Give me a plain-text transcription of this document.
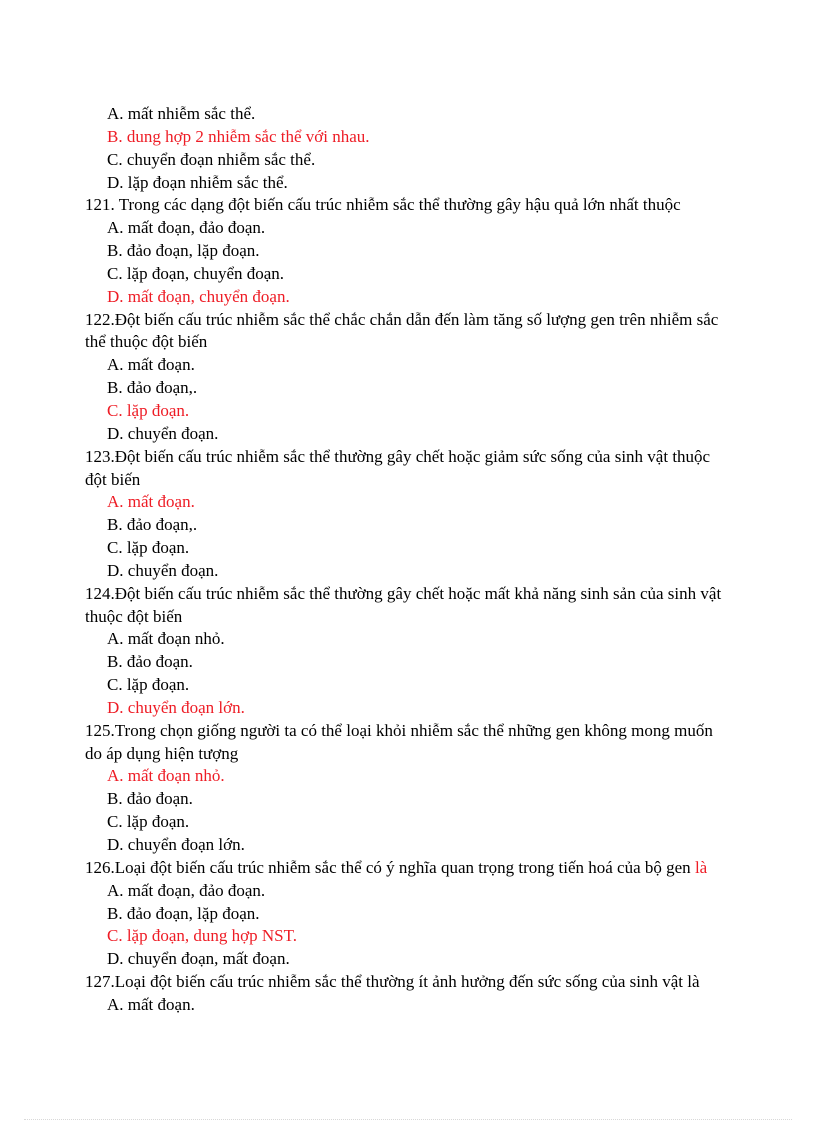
A. mất nhiễm sắc thể.
B. dung hợp 2 nhiễm sắc thể với nhau.
C. chuyển đoạn nhiễm sắc thể.
D. lặp đoạn nhiễm sắc thể.
121. Trong các dạng đột biến cấu trúc nhiễm sắc thể thường gây hậu quả lớn nhất thuộc
A. mất đoạn, đảo đoạn.
B. đảo đoạn, lặp đoạn.
C. lặp đoạn, chuyển đoạn.
D. mất đoạn, chuyển đoạn.
122.Đột biến cấu trúc nhiễm sắc thể chắc chắn dẫn đến làm tăng số lượng gen trên nhiễm sắc
thể thuộc đột biến
A. mất đoạn.
B. đảo đoạn,.
C. lặp đoạn.
D. chuyển đoạn.
123.Đột biến cấu trúc nhiễm sắc thể thường gây chết hoặc giảm sức sống của sinh vật thuộc
đột biến
A. mất đoạn.
B. đảo đoạn,.
C. lặp đoạn.
D. chuyển đoạn.
124.Đột biến cấu trúc nhiễm sắc thể thường gây chết hoặc mất khả năng sinh sản của sinh vật
thuộc đột biến
A. mất đoạn nhỏ.
B. đảo đoạn.
C. lặp đoạn.
D. chuyển đoạn lớn.
125.Trong chọn giống người ta có thể loại khỏi nhiễm sắc thể những gen không mong muốn
do áp dụng hiện tượng
A. mất đoạn nhỏ.
B. đảo đoạn.
C. lặp đoạn.
D. chuyển đoạn lớn.
126.Loại đột biến cấu trúc nhiễm sắc thể có ý nghĩa quan trọng trong tiến hoá của bộ gen là
A. mất đoạn, đảo đoạn.
B. đảo đoạn, lặp đoạn.
C. lặp đoạn, dung hợp NST.
D. chuyển đoạn, mất đoạn.
127.Loại đột biến cấu trúc nhiễm sắc thể thường ít ảnh hưởng đến sức sống của sinh vật là
A. mất đoạn.
